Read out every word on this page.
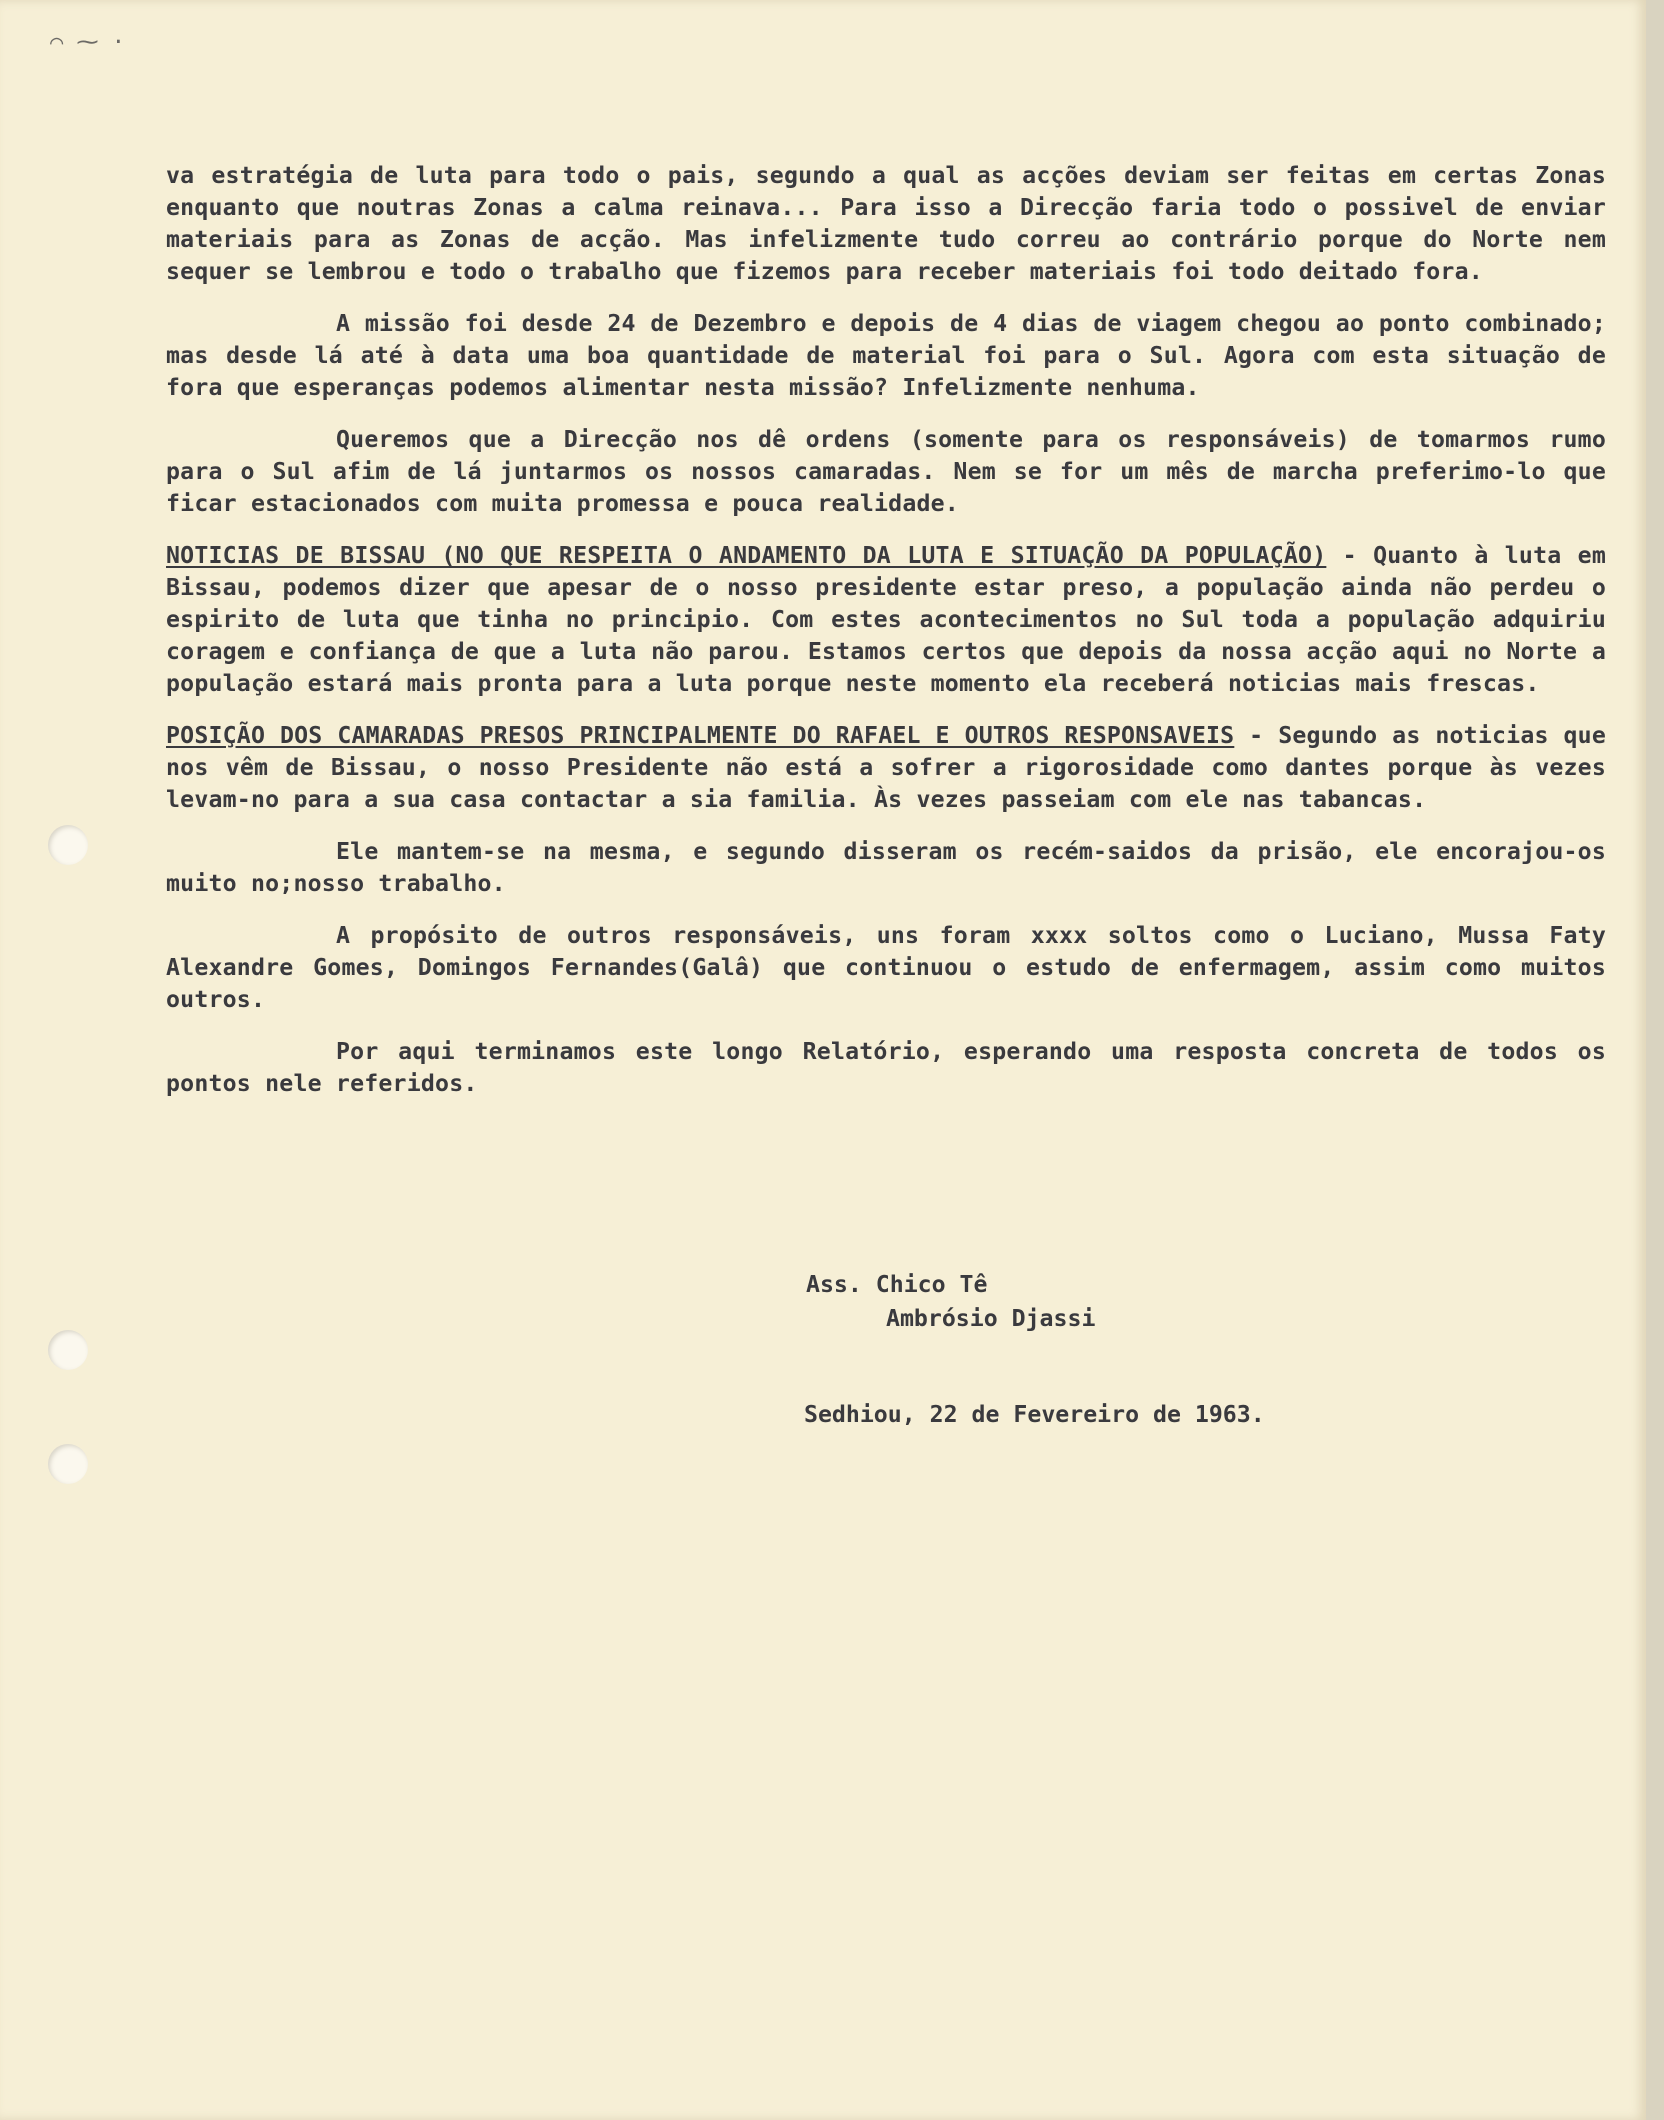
⌒ ⁓ ·

va estratégia de luta para todo o pais, segundo a qual as acções deviam ser feitas em certas Zonas enquanto que noutras Zonas a calma reinava... Para isso a Direcção faria todo o possivel de enviar materiais para as Zonas de acção. Mas infelizmente tudo correu ao contrário porque do Norte nem sequer se lembrou e todo o trabalho que fizemos para receber materiais foi todo deitado fora.

A missão foi desde 24 de Dezembro e depois de 4 dias de viagem chegou ao ponto combinado; mas desde lá até à data uma boa quantidade de material foi para o Sul. Agora com esta situação de fora que esperanças podemos alimentar nesta missão? Infelizmente nenhuma.

Queremos que a Direcção nos dê ordens (somente para os responsáveis) de tomarmos rumo para o Sul afim de lá juntarmos os nossos camaradas. Nem se for um mês de marcha preferimo-lo que ficar estacionados com muita promessa e pouca realidade.

NOTICIAS DE BISSAU (NO QUE RESPEITA O ANDAMENTO DA LUTA E SITUAÇÃO DA POPULAÇÃO) - Quanto à luta em Bissau, podemos dizer que apesar de o nosso presidente estar preso, a população ainda não perdeu o espirito de luta que tinha no principio. Com estes acontecimentos no Sul toda a população adquiriu coragem e confiança de que a luta não parou. Estamos certos que depois da nossa acção aqui no Norte a população estará mais pronta para a luta porque neste momento ela receberá noticias mais frescas.

POSIÇÃO DOS CAMARADAS PRESOS PRINCIPALMENTE DO RAFAEL E OUTROS RESPONSAVEIS - Segundo as noticias que nos vêm de Bissau, o nosso Presidente não está a sofrer a rigorosidade como dantes porque às vezes levam-no para a sua casa contactar a sia familia. Às vezes passeiam com ele nas tabancas.

Ele mantem-se na mesma, e segundo disseram os recém-saidos da prisão, ele encorajou-os muito no;nosso trabalho.

A propósito de outros responsáveis, uns foram xxxx soltos como o Luciano, Mussa Faty Alexandre Gomes, Domingos Fernandes(Galâ) que continuou o estudo de enfermagem, assim como muitos outros.

Por aqui terminamos este longo Relatório, esperando uma resposta concreta de todos os pontos nele referidos.

Ass. Chico Tê
Ambrósio Djassi
Sedhiou, 22 de Fevereiro de 1963.
